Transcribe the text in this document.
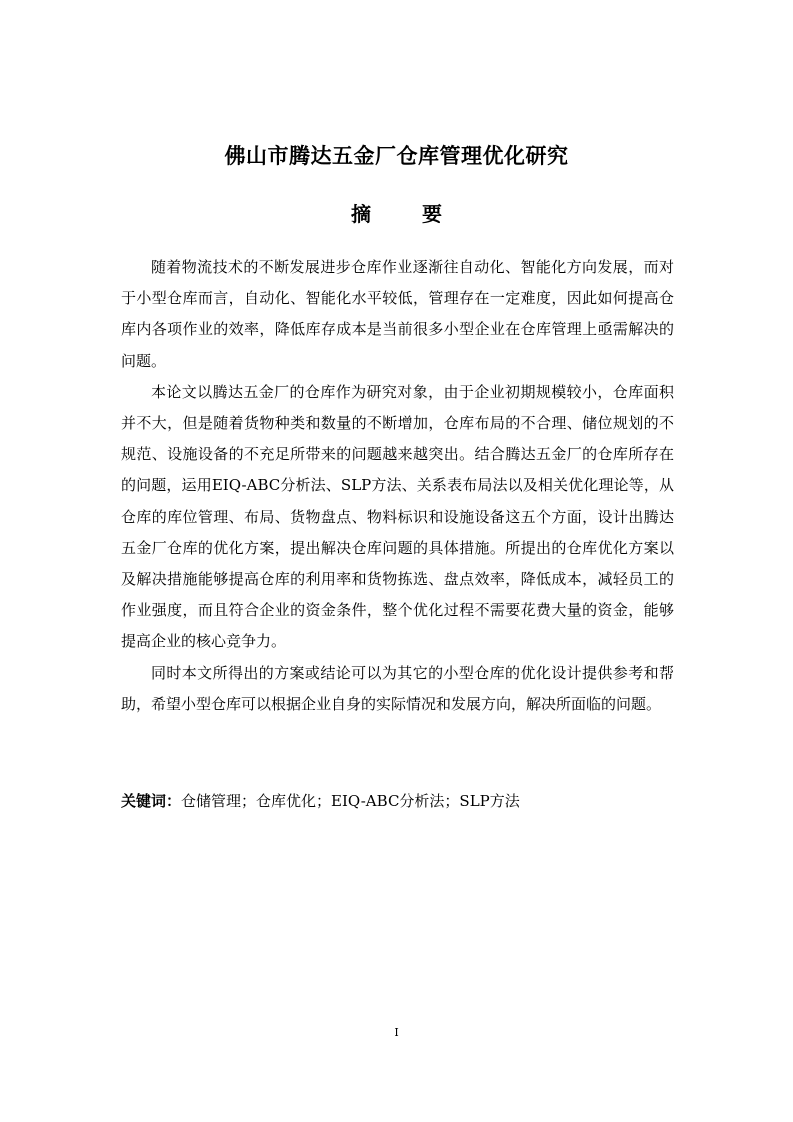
佛山市腾达五金厂仓库管理优化研究
摘 要

随着物流技术的不断发展进步仓库作业逐渐往自动化、智能化方向发展，而对于小型仓库而言，自动化、智能化水平较低，管理存在一定难度，因此如何提高仓库内各项作业的效率，降低库存成本是当前很多小型企业在仓库管理上亟需解决的问题。

本论文以腾达五金厂的仓库作为研究对象，由于企业初期规模较小，仓库面积并不大，但是随着货物种类和数量的不断增加，仓库布局的不合理、储位规划的不规范、设施设备的不充足所带来的问题越来越突出。结合腾达五金厂的仓库所存在的问题，运用EIQ-ABC分析法、SLP方法、关系表布局法以及相关优化理论等，从仓库的库位管理、布局、货物盘点、物料标识和设施设备这五个方面，设计出腾达五金厂仓库的优化方案，提出解决仓库问题的具体措施。所提出的仓库优化方案以及解决措施能够提高仓库的利用率和货物拣选、盘点效率，降低成本，减轻员工的作业强度，而且符合企业的资金条件，整个优化过程不需要花费大量的资金，能够提高企业的核心竞争力。

同时本文所得出的方案或结论可以为其它的小型仓库的优化设计提供参考和帮助，希望小型仓库可以根据企业自身的实际情况和发展方向，解决所面临的问题。

关键词：仓储管理；仓库优化；EIQ-ABC分析法；SLP方法
I
